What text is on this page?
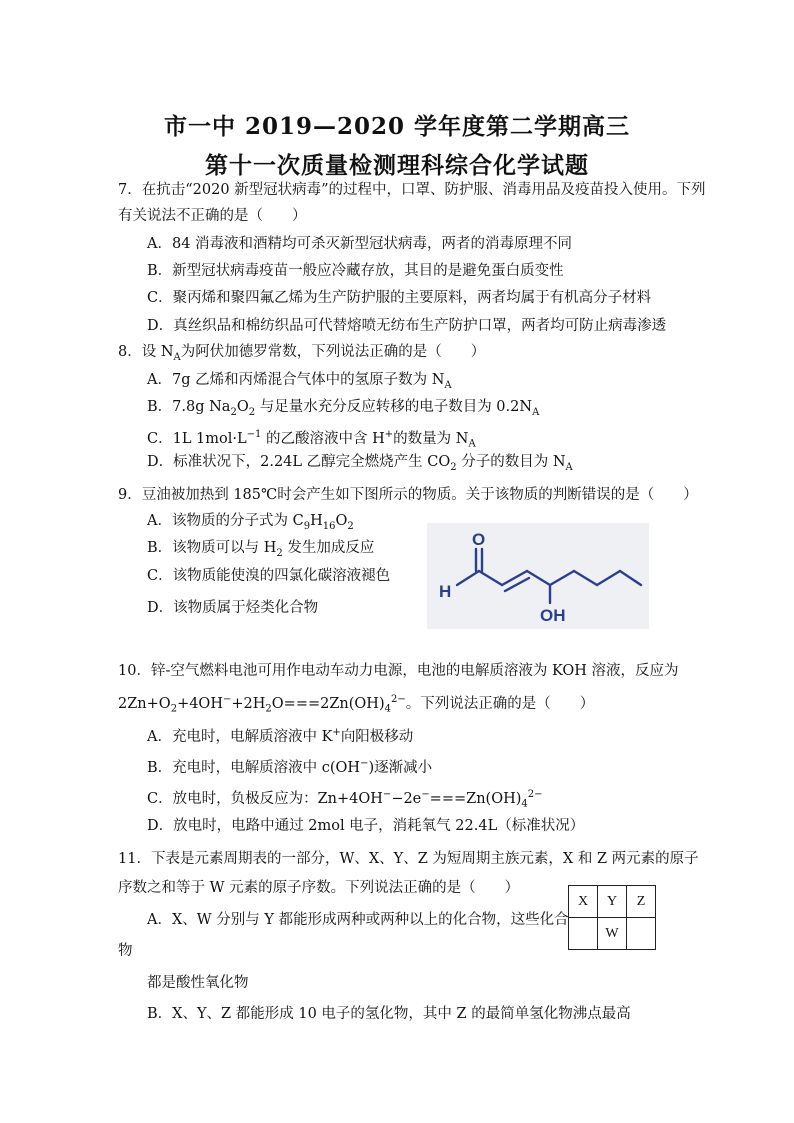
市一中 2019—2020 学年度第二学期高三
第十一次质量检测理科综合化学试题
7．在抗击“2020 新型冠状病毒”的过程中，口罩、防护服、消毒用品及疫苗投入使用。下列
有关说法不正确的是（　　）
A．84 消毒液和酒精均可杀灭新型冠状病毒，两者的消毒原理不同
B．新型冠状病毒疫苗一般应冷藏存放，其目的是避免蛋白质变性
C．聚丙烯和聚四氟乙烯为生产防护服的主要原料，两者均属于有机高分子材料
D．真丝织品和棉纺织品可代替熔喷无纺布生产防护口罩，两者均可防止病毒渗透
8．设 $N_A$为阿伏加德罗常数，下列说法正确的是（　　）
A．7g 乙烯和丙烯混合气体中的氢原子数为 $N_A$
B．7.8g $Na_2O_2$ 与足量水充分反应转移的电子数目为 $0.2N_A$
C．1L $1mol\cdot L^{-1}$ 的乙酸溶液中含 H+的数量为 $N_A$
D．标准状况下，2.24L 乙醇完全燃烧产生 $CO_2$ 分子的数目为 $N_A$
9．豆油被加热到 185℃时会产生如下图所示的物质。关于该物质的判断错误的是（　　）
A．该物质的分子式为 $C_9H_{16}O_2$
B．该物质可以与 $H_2$ 发生加成反应
C．该物质能使溴的四氯化碳溶液褪色
D．该物质属于烃类化合物
O
H
OH
10．锌-空气燃料电池可用作电动车动力电源，电池的电解质溶液为 KOH 溶液，反应为
$2Zn+O_2+4OH^-+2H_2O===2Zn(OH)_4^{2-}$。下列说法正确的是（　　）
A．充电时，电解质溶液中 K+向阳极移动
B．充电时，电解质溶液中 c(OH−)逐渐减小
C．放电时，负极反应为：$Zn+4OH^--2e^-===Zn(OH)_4^{2-}$
D．放电时，电路中通过 2mol 电子，消耗氧气 22.4L（标准状况）
11．下表是元素周期表的一部分，W、X、Y、Z 为短周期主族元素，X 和 Z 两元素的原子
序数之和等于 W 元素的原子序数。下列说法正确的是（　　）
A．X、W 分别与 Y 都能形成两种或两种以上的化合物，这些化合
物
都是酸性氧化物
B．X、Y、Z 都能形成 10 电子的氢化物，其中 Z 的最简单氢化物沸点最高
X	Y	Z
	W	
